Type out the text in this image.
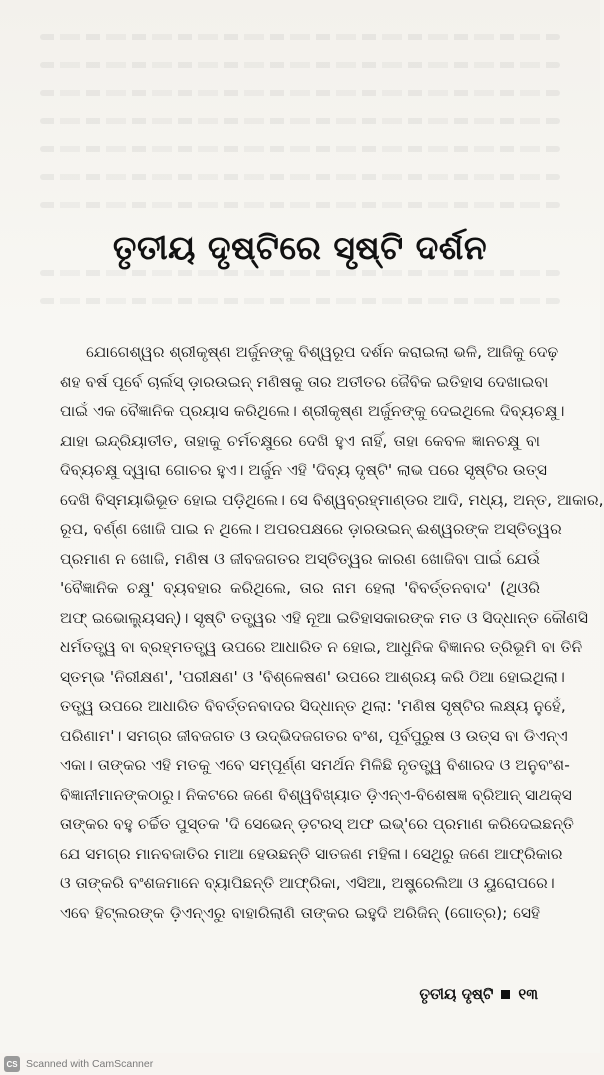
ତୃତୀୟ ଦୃଷ୍ଟିରେ ସୃଷ୍ଟି ଦର୍ଶନ
ଯୋଗେଶ୍ୱର ଶ୍ରୀକୃଷ୍ଣ ଅର୍ଜୁନଙ୍କୁ ବିଶ୍ୱରୂପ ଦର୍ଶନ କରାଇଲା ଭଳି, ଆଜିକୁ ଦେଢ଼
ଶହ ବର୍ଷ ପୂର୍ବେ ଚାର୍ଲସ୍ ଡ଼ାରଉଇନ୍ ମଣିଷକୁ ତାର ଅତୀତର ଜୈବିକ ଇତିହାସ ଦେଖାଇବା
ପାଇଁ ଏକ ବୈଜ୍ଞାନିକ ପ୍ରୟାସ କରିଥିଲେ। ଶ୍ରୀକୃଷ୍ଣ ଅର୍ଜୁନଙ୍କୁ ଦେଇଥିଲେ ଦିବ୍ୟଚକ୍ଷୁ।
ଯାହା ଇନ୍ଦ୍ରିୟାତୀତ, ତାହାକୁ ଚର୍ମଚକ୍ଷୁରେ ଦେଖି ହୁଏ ନାହିଁ, ତାହା କେବଳ ଜ୍ଞାନଚକ୍ଷୁ ବା
ଦିବ୍ୟଚକ୍ଷୁ ଦ୍ୱାରା ଗୋଚର ହୁଏ। ଅର୍ଜୁନ ଏହି 'ଦିବ୍ୟ ଦୃଷ୍ଟି' ଲାଭ ପରେ ସୃଷ୍ଟିର ଉତ୍ସ
ଦେଖି ବିସ୍ମୟାଭିଭୂତ ହୋଇ ପଡ଼ିଥିଲେ। ସେ ବିଶ୍ୱବ୍ରହ୍ମାଣ୍ଡର ଆଦି, ମଧ୍ୟ, ଅନ୍ତ, ଆକାର,
ରୂପ, ବର୍ଣ୍ଣ ଖୋଜି ପାଇ ନ ଥିଲେ। ଅପରପକ୍ଷରେ ଡ଼ାରଉଇନ୍ ଈଶ୍ୱରଙ୍କ ଅସ୍ତିତ୍ୱର
ପ୍ରମାଣ ନ ଖୋଜି, ମଣିଷ ଓ ଜୀବଜଗତର ଅସ୍ତିତ୍ୱର କାରଣ ଖୋଜିବା ପାଇଁ ଯେଉଁ
'ବୈଜ୍ଞାନିକ ଚକ୍ଷୁ' ବ୍ୟବହାର କରିଥିଲେ, ତାର ନାମ ହେଲା 'ବିବର୍ତ୍ତନବାଦ' (ଥିଓରି
ଅଫ୍ ଇଭୋଲ୍ୟୁସନ୍)। ସୃଷ୍ଟି ତତ୍ତ୍ୱର ଏହି ନୂଆ ଇତିହାସକାରଙ୍କ ମତ ଓ ସିଦ୍ଧାନ୍ତ କୌଣସି
ଧର୍ମତତ୍ତ୍ୱ ବା ବ୍ରହ୍ମତତ୍ତ୍ୱ ଉପରେ ଆଧାରିତ ନ ହୋଇ, ଆଧୁନିକ ବିଜ୍ଞାନର ତ୍ରିଭୂମି ବା ତିନି
ସ୍ତମ୍ଭ 'ନିରୀକ୍ଷଣ', 'ପରୀକ୍ଷଣ' ଓ 'ବିଶ୍ଳେଷଣ' ଉପରେ ଆଶ୍ରୟ କରି ଠିଆ ହୋଇଥିଲା।
ତତ୍ତ୍ୱ ଉପରେ ଆଧାରିତ ବିବର୍ତ୍ତନବାଦର ସିଦ୍ଧାନ୍ତ ଥିଲା: 'ମଣିଷ ସୃଷ୍ଟିର ଲକ୍ଷ୍ୟ ନୁହେଁ,
ପରିଣାମ'। ସମଗ୍ର ଜୀବଜଗତ ଓ ଉଦ୍ଭିଦଜଗତର ବଂଶ, ପୂର୍ବପୁରୁଷ ଓ ଉତ୍ସ ବା ଡିଏନ୍ଏ
ଏକା। ତାଙ୍କର ଏହି ମତକୁ ଏବେ ସମ୍ପୂର୍ଣ୍ଣ ସମର୍ଥନ ମିଳିଛି ନୃତତ୍ତ୍ୱ ବିଶାରଦ ଓ ଅନୁବଂଶ-
ବିଜ୍ଞାନୀମାନଙ୍କଠାରୁ। ନିକଟରେ ଜଣେ ବିଶ୍ୱବିଖ୍ୟାତ ଡ଼ିଏନ୍ଏ-ବିଶେଷଜ୍ଞ ବ୍ରିଆନ୍ ସାଥକ୍ସ
ତାଙ୍କର ବହୁ ଚର୍ଚ୍ଚିତ ପୁସ୍ତକ 'ଦି ସେଭେନ୍ ଡ଼ଟରସ୍ ଅଫ ଇଭ୍'ରେ ପ୍ରମାଣ କରିଦେଇଛନ୍ତି
ଯେ ସମଗ୍ର ମାନବଜାତିର ମାଆ ହେଉଛନ୍ତି ସାତଜଣ ମହିଳା। ସେଥିରୁ ଜଣେ ଆଫ୍ରିକାର
ଓ ତାଙ୍କରି ବଂଶଜମାନେ ବ୍ୟାପିଛନ୍ତି ଆଫ୍ରିକା, ଏସିଆ, ଅଷ୍ଟ୍ରେଲିଆ ଓ ୟୁରୋପରେ।
ଏବେ ହିଟ୍ଲରଙ୍କ ଡ଼ିଏନ୍ଏରୁ ବାହାରିଲାଣି ତାଙ୍କର ଇହୁଦି ଅରିଜିନ୍ (ଗୋତ୍ର); ସେହି
ତୃତୀୟ ଦୃଷ୍ଟି ୧୩
CS Scanned with CamScanner
